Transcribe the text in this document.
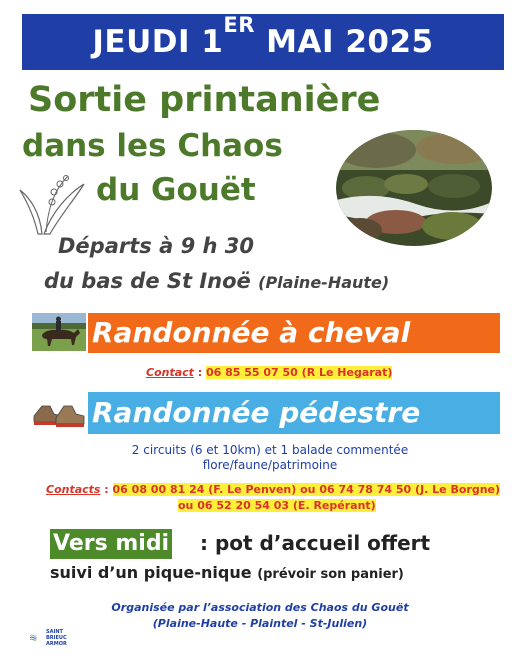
JEUDI 1ER MAI 2025
Sortie printanière
dans les Chaos
du Gouët
Départs à 9 h 30
du bas de St Inoë (Plaine-Haute)
Randonnée à cheval
Contact : 06 85 55 07 50 (R Le Hegarat)
Randonnée pédestre
2 circuits (6 et 10km) et 1 balade commentée
flore/faune/patrimoine
Contacts : 06 08 00 81 24 (F. Le Penven) ou 06 74 78 74 50 (J. Le Borgne)
ou 06 52 20 54 03 (E. Repérant)
Vers midi : pot d’accueil offert
suivi d’un pique-nique (prévoir son panier)
Organisée par l’association des Chaos du Gouët
(Plaine-Haute - Plaintel - St-Julien)
SAINT
BRIEUC
ARMOR
